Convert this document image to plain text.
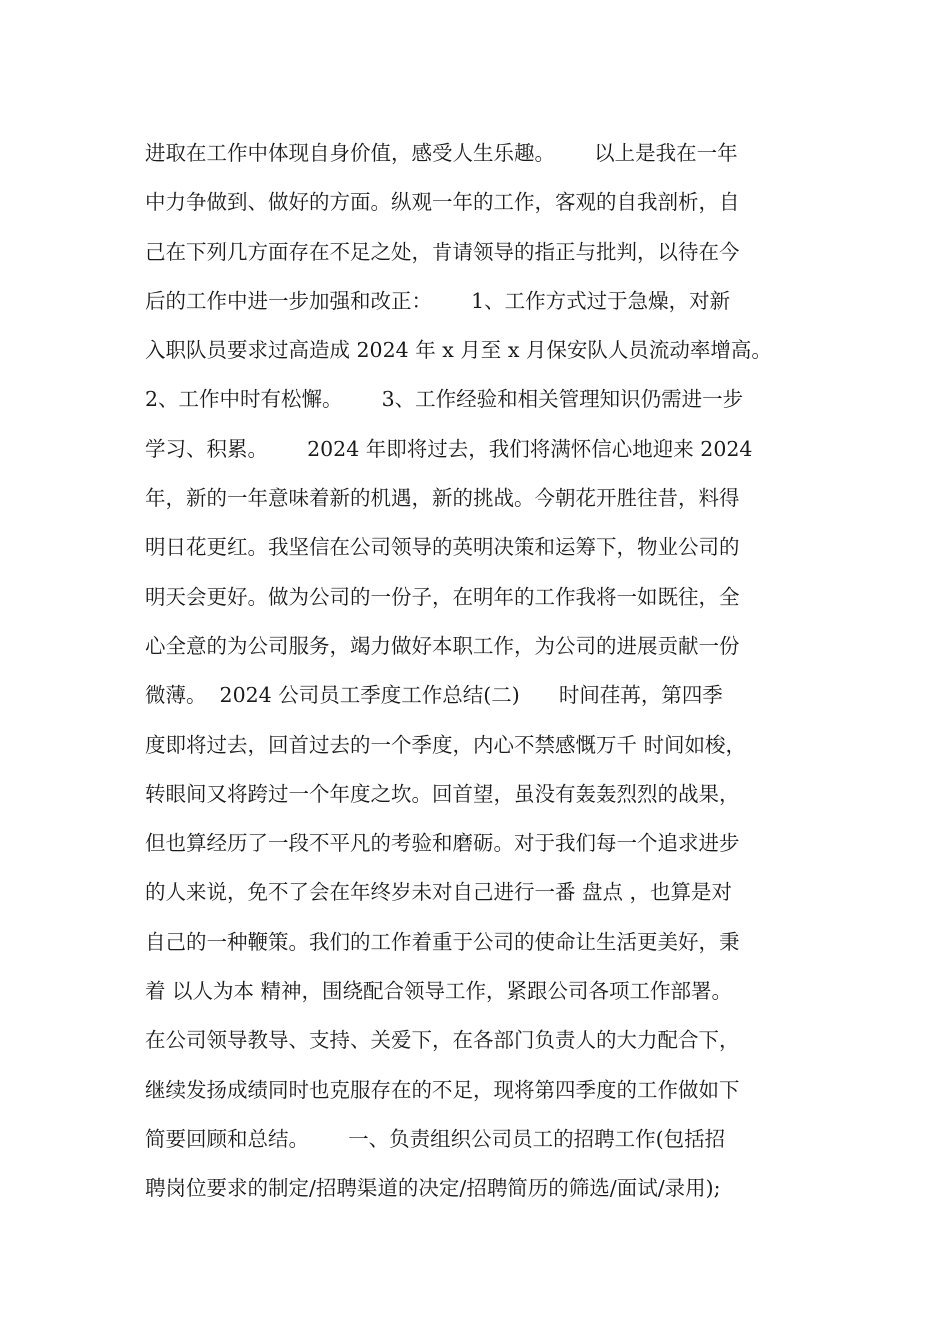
进取在工作中体现自身价值，感受人生乐趣。      以上是我在一年
中力争做到、做好的方面。纵观一年的工作，客观的自我剖析，自
己在下列几方面存在不足之处，肯请领导的指正与批判，以待在今
后的工作中进一步加强和改正：      1、工作方式过于急燥，对新
入职队员要求过高造成 2024 年 x 月至 x 月保安队人员流动率增高。
2、工作中时有松懈。      3、工作经验和相关管理知识仍需进一步
学习、积累。      2024 年即将过去，我们将满怀信心地迎来 2024
年，新的一年意味着新的机遇，新的挑战。今朝花开胜往昔，料得
明日花更红。我坚信在公司领导的英明决策和运筹下，物业公司的
明天会更好。做为公司的一份子，在明年的工作我将一如既往，全
心全意的为公司服务，竭力做好本职工作，为公司的进展贡献一份
微薄。  2024 公司员工季度工作总结(二)      时间荏苒，第四季
度即将过去，回首过去的一个季度，内心不禁感慨万千 时间如梭，
转眼间又将跨过一个年度之坎。回首望，虽没有轰轰烈烈的战果，
但也算经历了一段不平凡的考验和磨砺。对于我们每一个追求进步
的人来说，免不了会在年终岁未对自己进行一番 盘点 ，也算是对
自己的一种鞭策。我们的工作着重于公司的使命让生活更美好，秉
着 以人为本 精神，围绕配合领导工作，紧跟公司各项工作部署。
在公司领导教导、支持、关爱下，在各部门负责人的大力配合下，
继续发扬成绩同时也克服存在的不足，现将第四季度的工作做如下
简要回顾和总结。      一、负责组织公司员工的招聘工作(包括招
聘岗位要求的制定/招聘渠道的决定/招聘简历的筛选/面试/录用);
